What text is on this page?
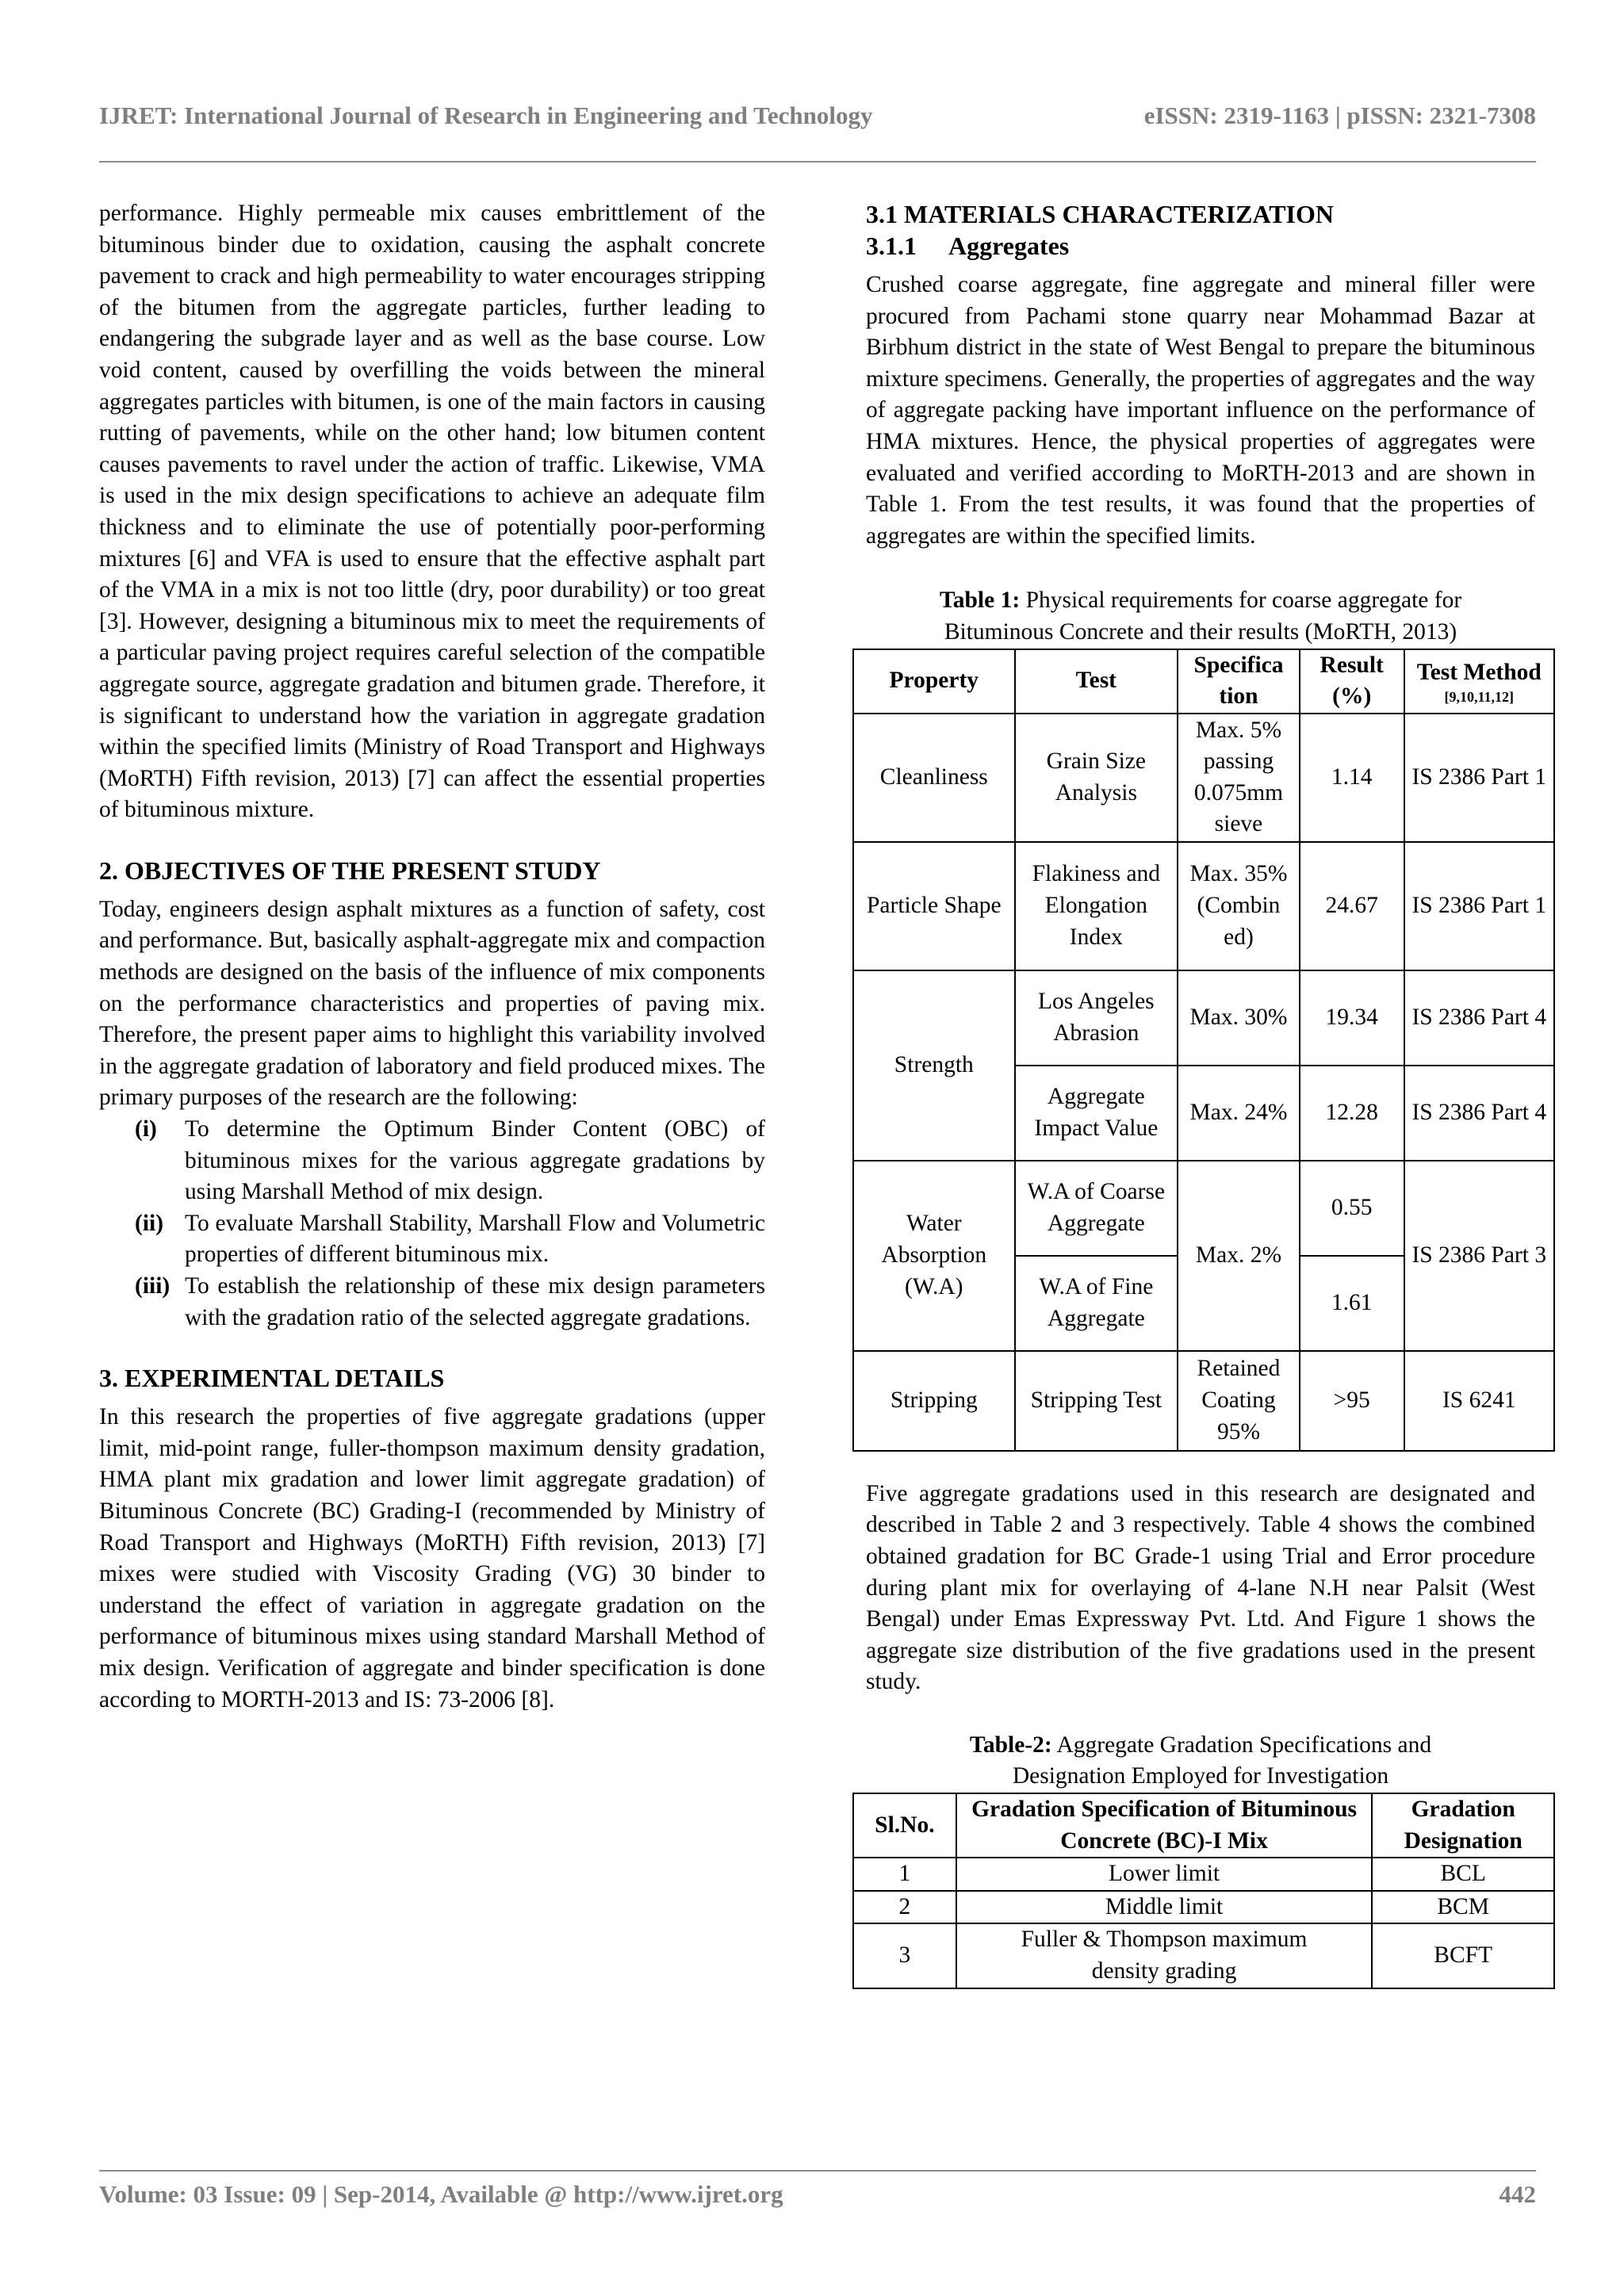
IJRET: International Journal of Research in Engineering and Technology	eISSN: 2319-1163 | pISSN: 2321-7308

performance. Highly permeable mix causes embrittlement of the bituminous binder due to oxidation, causing the asphalt concrete pavement to crack and high permeability to water encourages stripping of the bitumen from the aggregate particles, further leading to endangering the subgrade layer and as well as the base course. Low void content, caused by overfilling the voids between the mineral aggregates particles with bitumen, is one of the main factors in causing rutting of pavements, while on the other hand; low bitumen content causes pavements to ravel under the action of traffic. Likewise, VMA is used in the mix design specifications to achieve an adequate film thickness and to eliminate the use of potentially poor-performing mixtures [6] and VFA is used to ensure that the effective asphalt part of the VMA in a mix is not too little (dry, poor durability) or too great [3]. However, designing a bituminous mix to meet the requirements of a particular paving project requires careful selection of the compatible aggregate source, aggregate gradation and bitumen grade. Therefore, it is significant to understand how the variation in aggregate gradation within the specified limits (Ministry of Road Transport and Highways (MoRTH) Fifth revision, 2013) [7] can affect the essential properties of bituminous mixture.

2. OBJECTIVES OF THE PRESENT STUDY

Today, engineers design asphalt mixtures as a function of safety, cost and performance. But, basically asphalt-aggregate mix and compaction methods are designed on the basis of the influence of mix components on the performance characteristics and properties of paving mix. Therefore, the present paper aims to highlight this variability involved in the aggregate gradation of laboratory and field produced mixes. The primary purposes of the research are the following:

(i) To determine the Optimum Binder Content (OBC) of bituminous mixes for the various aggregate gradations by using Marshall Method of mix design.
(ii) To evaluate Marshall Stability, Marshall Flow and Volumetric properties of different bituminous mix.
(iii) To establish the relationship of these mix design parameters with the gradation ratio of the selected aggregate gradations.
3. EXPERIMENTAL DETAILS

In this research the properties of five aggregate gradations (upper limit, mid-point range, fuller-thompson maximum density gradation, HMA plant mix gradation and lower limit aggregate gradation) of Bituminous Concrete (BC) Grading-I (recommended by Ministry of Road Transport and Highways (MoRTH) Fifth revision, 2013) [7] mixes were studied with Viscosity Grading (VG) 30 binder to understand the effect of variation in aggregate gradation on the performance of bituminous mixes using standard Marshall Method of mix design. Verification of aggregate and binder specification is done according to MORTH-2013 and IS: 73-2006 [8].

3.1 MATERIALS CHARACTERIZATION
3.1.1 Aggregates

Crushed coarse aggregate, fine aggregate and mineral filler were procured from Pachami stone quarry near Mohammad Bazar at Birbhum district in the state of West Bengal to prepare the bituminous mixture specimens. Generally, the properties of aggregates and the way of aggregate packing have important influence on the performance of HMA mixtures. Hence, the physical properties of aggregates were evaluated and verified according to MoRTH-2013 and are shown in Table 1. From the test results, it was found that the properties of aggregates are within the specified limits.

Table 1: Physical requirements for coarse aggregate for Bituminous Concrete and their results (MoRTH, 2013)

Property	Test	Specifica tion	Result (%)	Test Method
[9,10,11,12]

Cleanliness	Grain Size Analysis	Max. 5% passing 0.075mm sieve	1.14	IS 2386 Part 1
Particle Shape	Flakiness and Elongation Index	Max. 35% (Combin ed)	24.67	IS 2386 Part 1
Strength	Los Angeles Abrasion	Max. 30%	19.34	IS 2386 Part 4
	Aggregate Impact Value	Max. 24%	12.28	IS 2386 Part 4
Water Absorption (W.A)	W.A of Coarse Aggregate	Max. 2%	0.55	IS 2386 Part 3
	W.A of Fine Aggregate		1.61	
Stripping	Stripping Test	Retained Coating 95%	>95	IS 6241

Five aggregate gradations used in this research are designated and described in Table 2 and 3 respectively. Table 4 shows the combined obtained gradation for BC Grade-1 using Trial and Error procedure during plant mix for overlaying of 4-lane N.H near Palsit (West Bengal) under Emas Expressway Pvt. Ltd. And Figure 1 shows the aggregate size distribution of the five gradations used in the present study.

Table-2: Aggregate Gradation Specifications and Designation Employed for Investigation

Sl.No.	Gradation Specification of Bituminous Concrete (BC)-I Mix	Gradation Designation
1	Lower limit	BCL
2	Middle limit	BCM
3	Fuller & Thompson maximum density grading	BCFT
Volume: 03 Issue: 09 | Sep-2014, Available @ http://www.ijret.org	442
